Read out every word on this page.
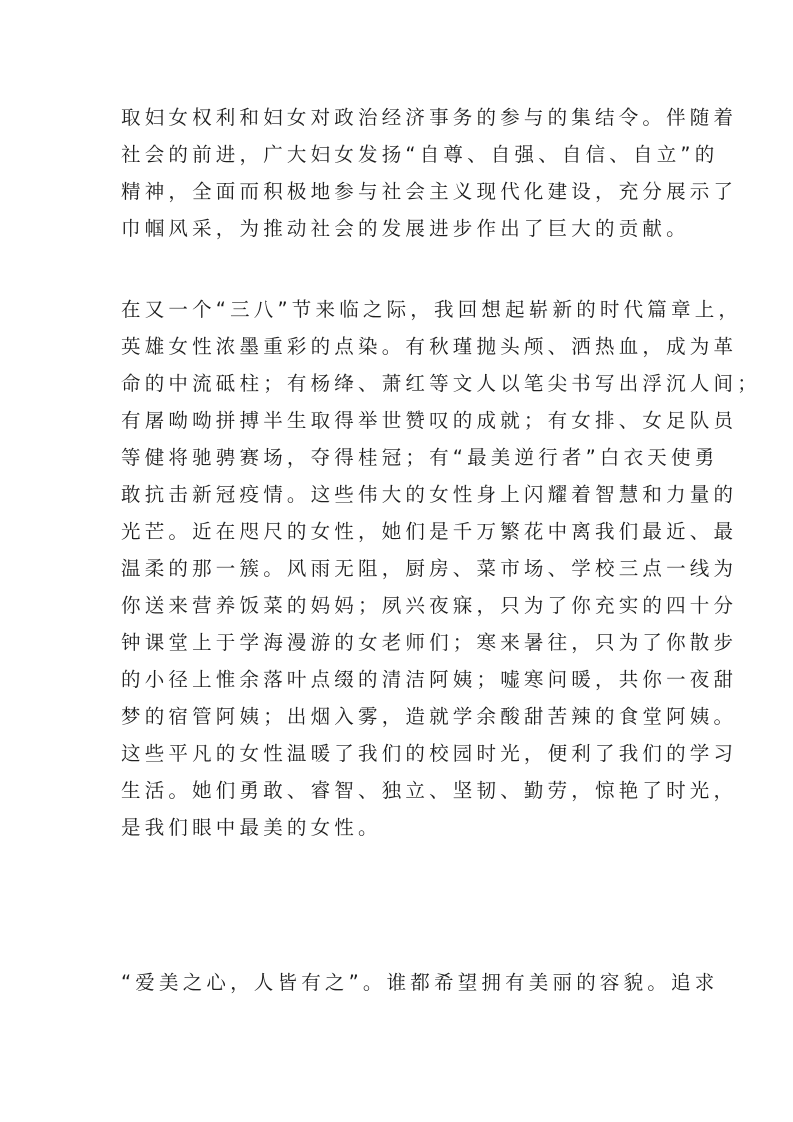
取妇女权利和妇女对政治经济事务的参与的集结令。伴随着
社会的前进，广大妇女发扬“自尊、自强、自信、自立”的
精神，全面而积极地参与社会主义现代化建设，充分展示了
巾帼风采，为推动社会的发展进步作出了巨大的贡献。

在又一个“三八”节来临之际，我回想起崭新的时代篇章上，
英雄女性浓墨重彩的点染。有秋瑾抛头颅、洒热血，成为革
命的中流砥柱；有杨绛、萧红等文人以笔尖书写出浮沉人间；
有屠呦呦拼搏半生取得举世赞叹的成就；有女排、女足队员
等健将驰骋赛场，夺得桂冠；有“最美逆行者”白衣天使勇
敢抗击新冠疫情。这些伟大的女性身上闪耀着智慧和力量的
光芒。近在咫尺的女性，她们是千万繁花中离我们最近、最
温柔的那一簇。风雨无阻，厨房、菜市场、学校三点一线为
你送来营养饭菜的妈妈；夙兴夜寐，只为了你充实的四十分
钟课堂上于学海漫游的女老师们；寒来暑往，只为了你散步
的小径上惟余落叶点缀的清洁阿姨；嘘寒问暖，共你一夜甜
梦的宿管阿姨；出烟入雾，造就学余酸甜苦辣的食堂阿姨。
这些平凡的女性温暖了我们的校园时光，便利了我们的学习
生活。她们勇敢、睿智、独立、坚韧、勤劳，惊艳了时光，
是我们眼中最美的女性。

“爱美之心，人皆有之”。谁都希望拥有美丽的容貌。追求
